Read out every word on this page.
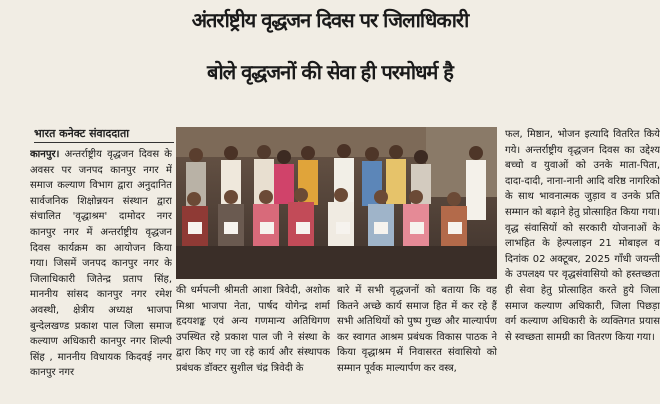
अंतर्राष्ट्रीय वृद्धजन दिवस पर जिलाधिकारी
बोले वृद्धजनों की सेवा ही परमोधर्म है
भारत कनेक्ट संवाददाता

कानपुर। अन्तर्राष्ट्रीय वृद्धजन दिवस के अवसर पर जनपद कानपुर नगर में समाज कल्याण विभाग द्वारा अनुदानित सार्वजनिक शिक्षोन्नयन संस्थान द्वारा संचालित 'वृद्धाश्रम' दामोदर नगर कानपुर नगर में अन्तर्राष्ट्रीय वृद्धजन दिवस कार्यक्रम का आयोजन किया गया। जिसमें जनपद कानपुर नगर के जिलाधिकारी जितेन्द्र प्रताप सिंह, माननीय सांसद कानपुर नगर रमेश अवस्थी, क्षेत्रीय अध्यक्ष भाजपा बुन्देलखण्ड प्रकाश पाल जिला समाज कल्याण अधिकारी कानपुर नगर शिल्पी सिंह , माननीय विधायक किदवई नगर कानपुर नगर

की धर्मपत्नी श्रीमती आशा त्रिवेदी, अशोक मिश्रा भाजपा नेता, पार्षद योगेन्द्र शर्मा हृदयशङ्क एवं अन्य गणमान्य अतिथिगण उपस्थित रहे प्रकाश पाल जी ने संस्था के द्वारा किए गए जा रहे कार्य और संस्थापक प्रबंधक डॉक्टर सुशील चंद्र त्रिवेदी के

बारे में सभी वृद्धजनों को बताया कि वह कितने अच्छे कार्य समाज हित में कर रहे हैं सभी अतिथियों को पुष्प गुच्छ और माल्यार्पण कर स्वागत आश्रम प्रबंधक विकास पाठक ने किया वृद्धाश्रम में निवासरत संवासियो को सम्मान पूर्वक माल्यार्पण कर वस्त्र,

फल, मिष्ठान, भोजन इत्यादि वितरित किये गये। अन्तर्राष्ट्रीय वृद्धजन दिवस का उद्देश्य बच्चो व युवाओं को उनके माता-पिता, दादा-दादी, नाना-नानी आदि वरिष्ठ नागरिको के साथ भावनात्मक जुड़ाव व उनके प्रति सम्मान को बढ़ाने हेतु प्रोत्साहित किया गया। वृद्ध संवासियों को सरकारी योजनाओं के लाभहित के हेल्पलाइन 21 मोबाइल व दिनांक 02 अक्टूबर, 2025 गाँधी जयन्ती के उपलक्ष्य पर वृद्धसंवासियो को हस्तच्छता ही सेवा हेतु प्रोत्साहित करते हुये जिला समाज कल्याण अधिकारी, जिला पिछड़ा वर्ग कल्याण अधिकारी के व्यक्तिगत प्रयास से स्वच्छता सामग्री का वितरण किया गया।
